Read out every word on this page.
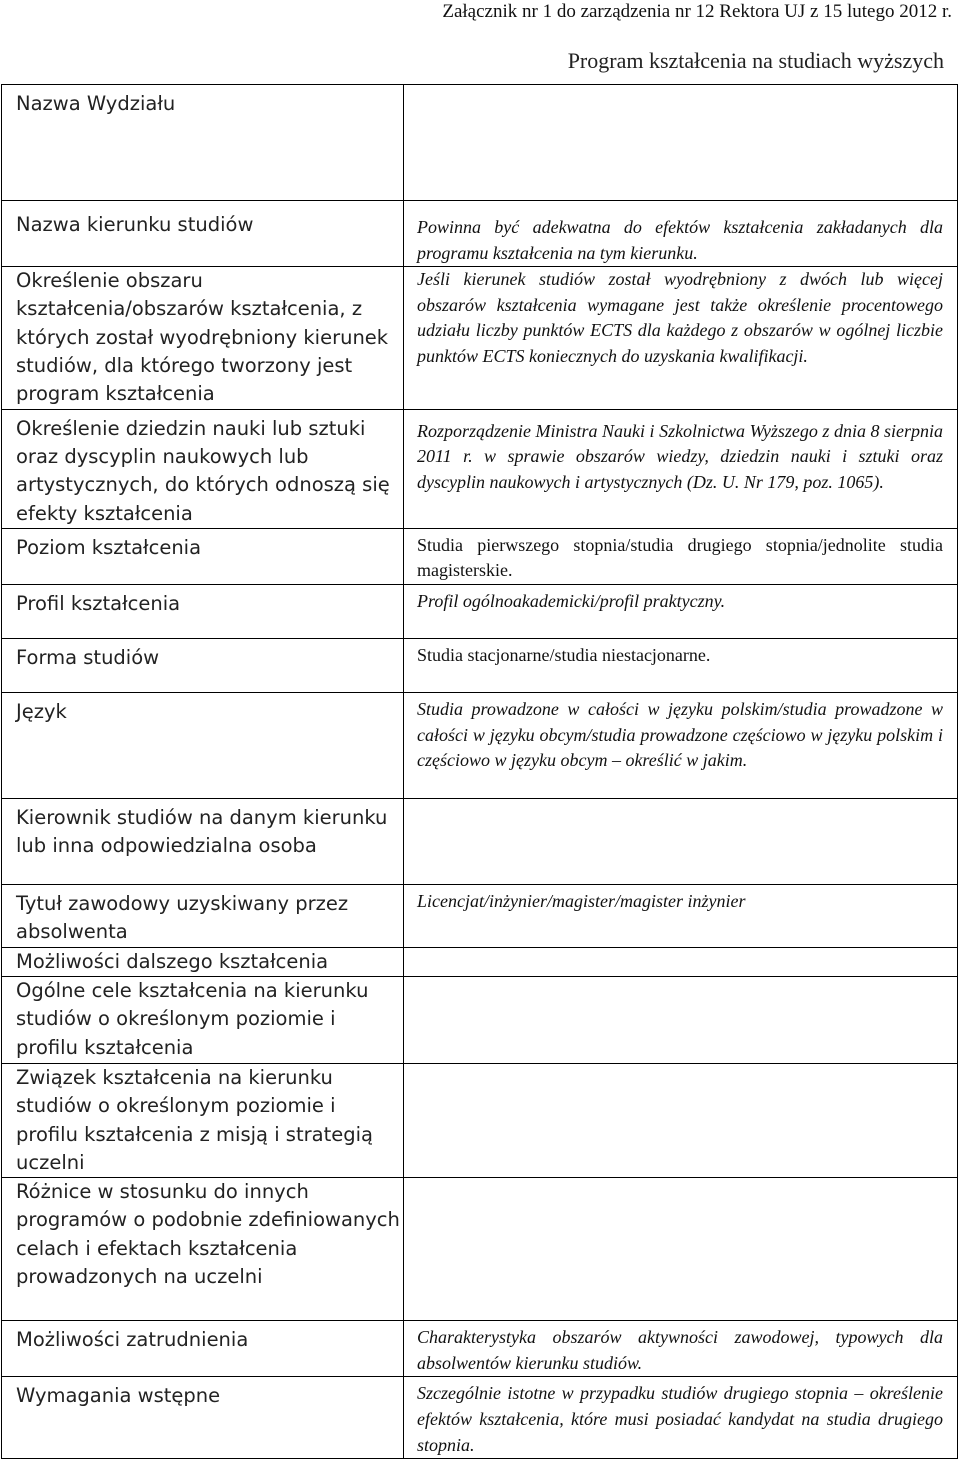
Załącznik nr 1 do zarządzenia nr 12 Rektora UJ z 15 lutego 2012 r.
Program kształcenia na studiach wyższych
Nazwa Wydziału	
Nazwa kierunku studiów	Powinna być adekwatna do efektów kształcenia zakładanych dla programu kształcenia na tym kierunku.
Określenie obszaru kształcenia/obszarów kształcenia, z których został wyodrębniony kierunek studiów, dla którego tworzony jest program kształcenia	Jeśli kierunek studiów został wyodrębniony z dwóch lub więcej obszarów kształcenia wymagane jest także określenie procentowego udziału liczby punktów ECTS dla każdego z obszarów w ogólnej liczbie punktów ECTS koniecznych do uzyskania kwalifikacji.
Określenie dziedzin nauki lub sztuki oraz dyscyplin naukowych lub artystycznych, do których odnoszą się efekty kształcenia	Rozporządzenie Ministra Nauki i Szkolnictwa Wyższego z dnia 8 sierpnia 2011 r. w sprawie obszarów wiedzy, dziedzin nauki i sztuki oraz dyscyplin naukowych i artystycznych (Dz. U. Nr 179, poz. 1065).
Poziom kształcenia	Studia pierwszego stopnia/studia drugiego stopnia/jednolite studia magisterskie.
Profil kształcenia	Profil ogólnoakademicki/profil praktyczny.
Forma studiów	Studia stacjonarne/studia niestacjonarne.
Język	Studia prowadzone w całości w języku polskim/studia prowadzone w całości w języku obcym/studia prowadzone częściowo w języku polskim i częściowo w języku obcym – określić w jakim.
Kierownik studiów na danym kierunku lub inna odpowiedzialna osoba	
Tytuł zawodowy uzyskiwany przez absolwenta	Licencjat/inżynier/magister/magister inżynier
Możliwości dalszego kształcenia	
Ogólne cele kształcenia na kierunku studiów o określonym poziomie i profilu kształcenia	
Związek kształcenia na kierunku studiów o określonym poziomie i profilu kształcenia z misją i strategią uczelni	
Różnice w stosunku do innych programów o podobnie zdefiniowanych celach i efektach kształcenia prowadzonych na uczelni	
Możliwości zatrudnienia	Charakterystyka obszarów aktywności zawodowej, typowych dla absolwentów kierunku studiów.
Wymagania wstępne	Szczególnie istotne w przypadku studiów drugiego stopnia – określenie efektów kształcenia, które musi posiadać kandydat na studia drugiego stopnia.
